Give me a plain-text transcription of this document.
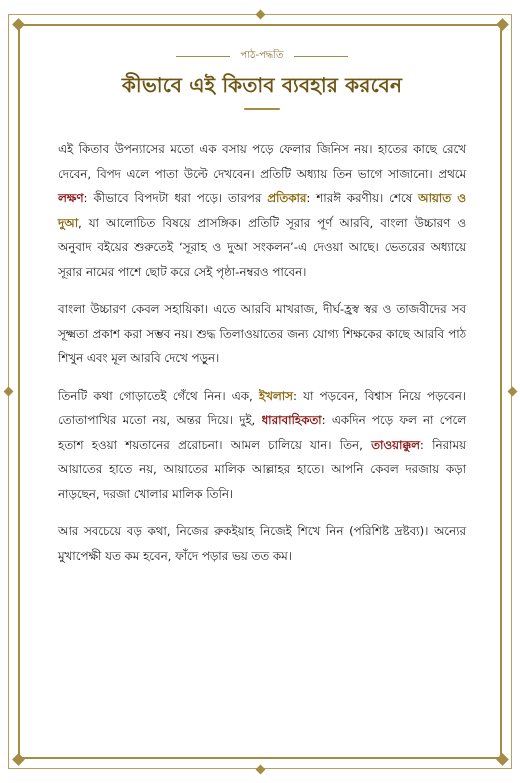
পাঠ-পদ্ধতি
কীভাবে এই কিতাব ব্যবহার করবেন

এই কিতাব উপন্যাসের মতো এক বসায় পড়ে ফেলার জিনিস নয়। হাতের কাছে রেখে দেবেন, বিপদ এলে পাতা উল্টে দেখবেন। প্রতিটি অধ্যায় তিন ভাগে সাজানো। প্রথমে লক্ষণ: কীভাবে বিপদটা ধরা পড়ে। তারপর প্রতিকার: শারঈ করণীয়। শেষে আয়াত ও দুআ, যা আলোচিত বিষয়ে প্রাসঙ্গিক। প্রতিটি সূরার পূর্ণ আরবি, বাংলা উচ্চারণ ও অনুবাদ বইয়ের শুরুতেই ‘সূরাহ ও দুআ সংকলন’-এ দেওয়া আছে। ভেতরের অধ্যায়ে সূরার নামের পাশে ছোট করে সেই পৃষ্ঠা-নম্বরও পাবেন।

বাংলা উচ্চারণ কেবল সহায়িকা। এতে আরবি মাখরাজ, দীর্ঘ-হ্রস্ব স্বর ও তাজবীদের সব সূক্ষ্মতা প্রকাশ করা সম্ভব নয়। শুদ্ধ তিলাওয়াতের জন্য যোগ্য শিক্ষকের কাছে আরবি পাঠ শিখুন এবং মূল আরবি দেখে পড়ুন।

তিনটি কথা গোড়াতেই গেঁথে নিন। এক, ইখলাস: যা পড়বেন, বিশ্বাস নিয়ে পড়বেন। তোতাপাখির মতো নয়, অন্তর দিয়ে। দুই, ধারাবাহিকতা: একদিন পড়ে ফল না পেলে হতাশ হওয়া শয়তানের প্ররোচনা। আমল চালিয়ে যান। তিন, তাওয়াক্কুল: নিরাময় আয়াতের হাতে নয়, আয়াতের মালিক আল্লাহর হাতে। আপনি কেবল দরজায় কড়া নাড়ছেন, দরজা খোলার মালিক তিনি।

আর সবচেয়ে বড় কথা, নিজের রুকইয়াহ নিজেই শিখে নিন (পরিশিষ্ট দ্রষ্টব্য)। অন্যের মুখাপেক্ষী যত কম হবেন, ফাঁদে পড়ার ভয় তত কম।
